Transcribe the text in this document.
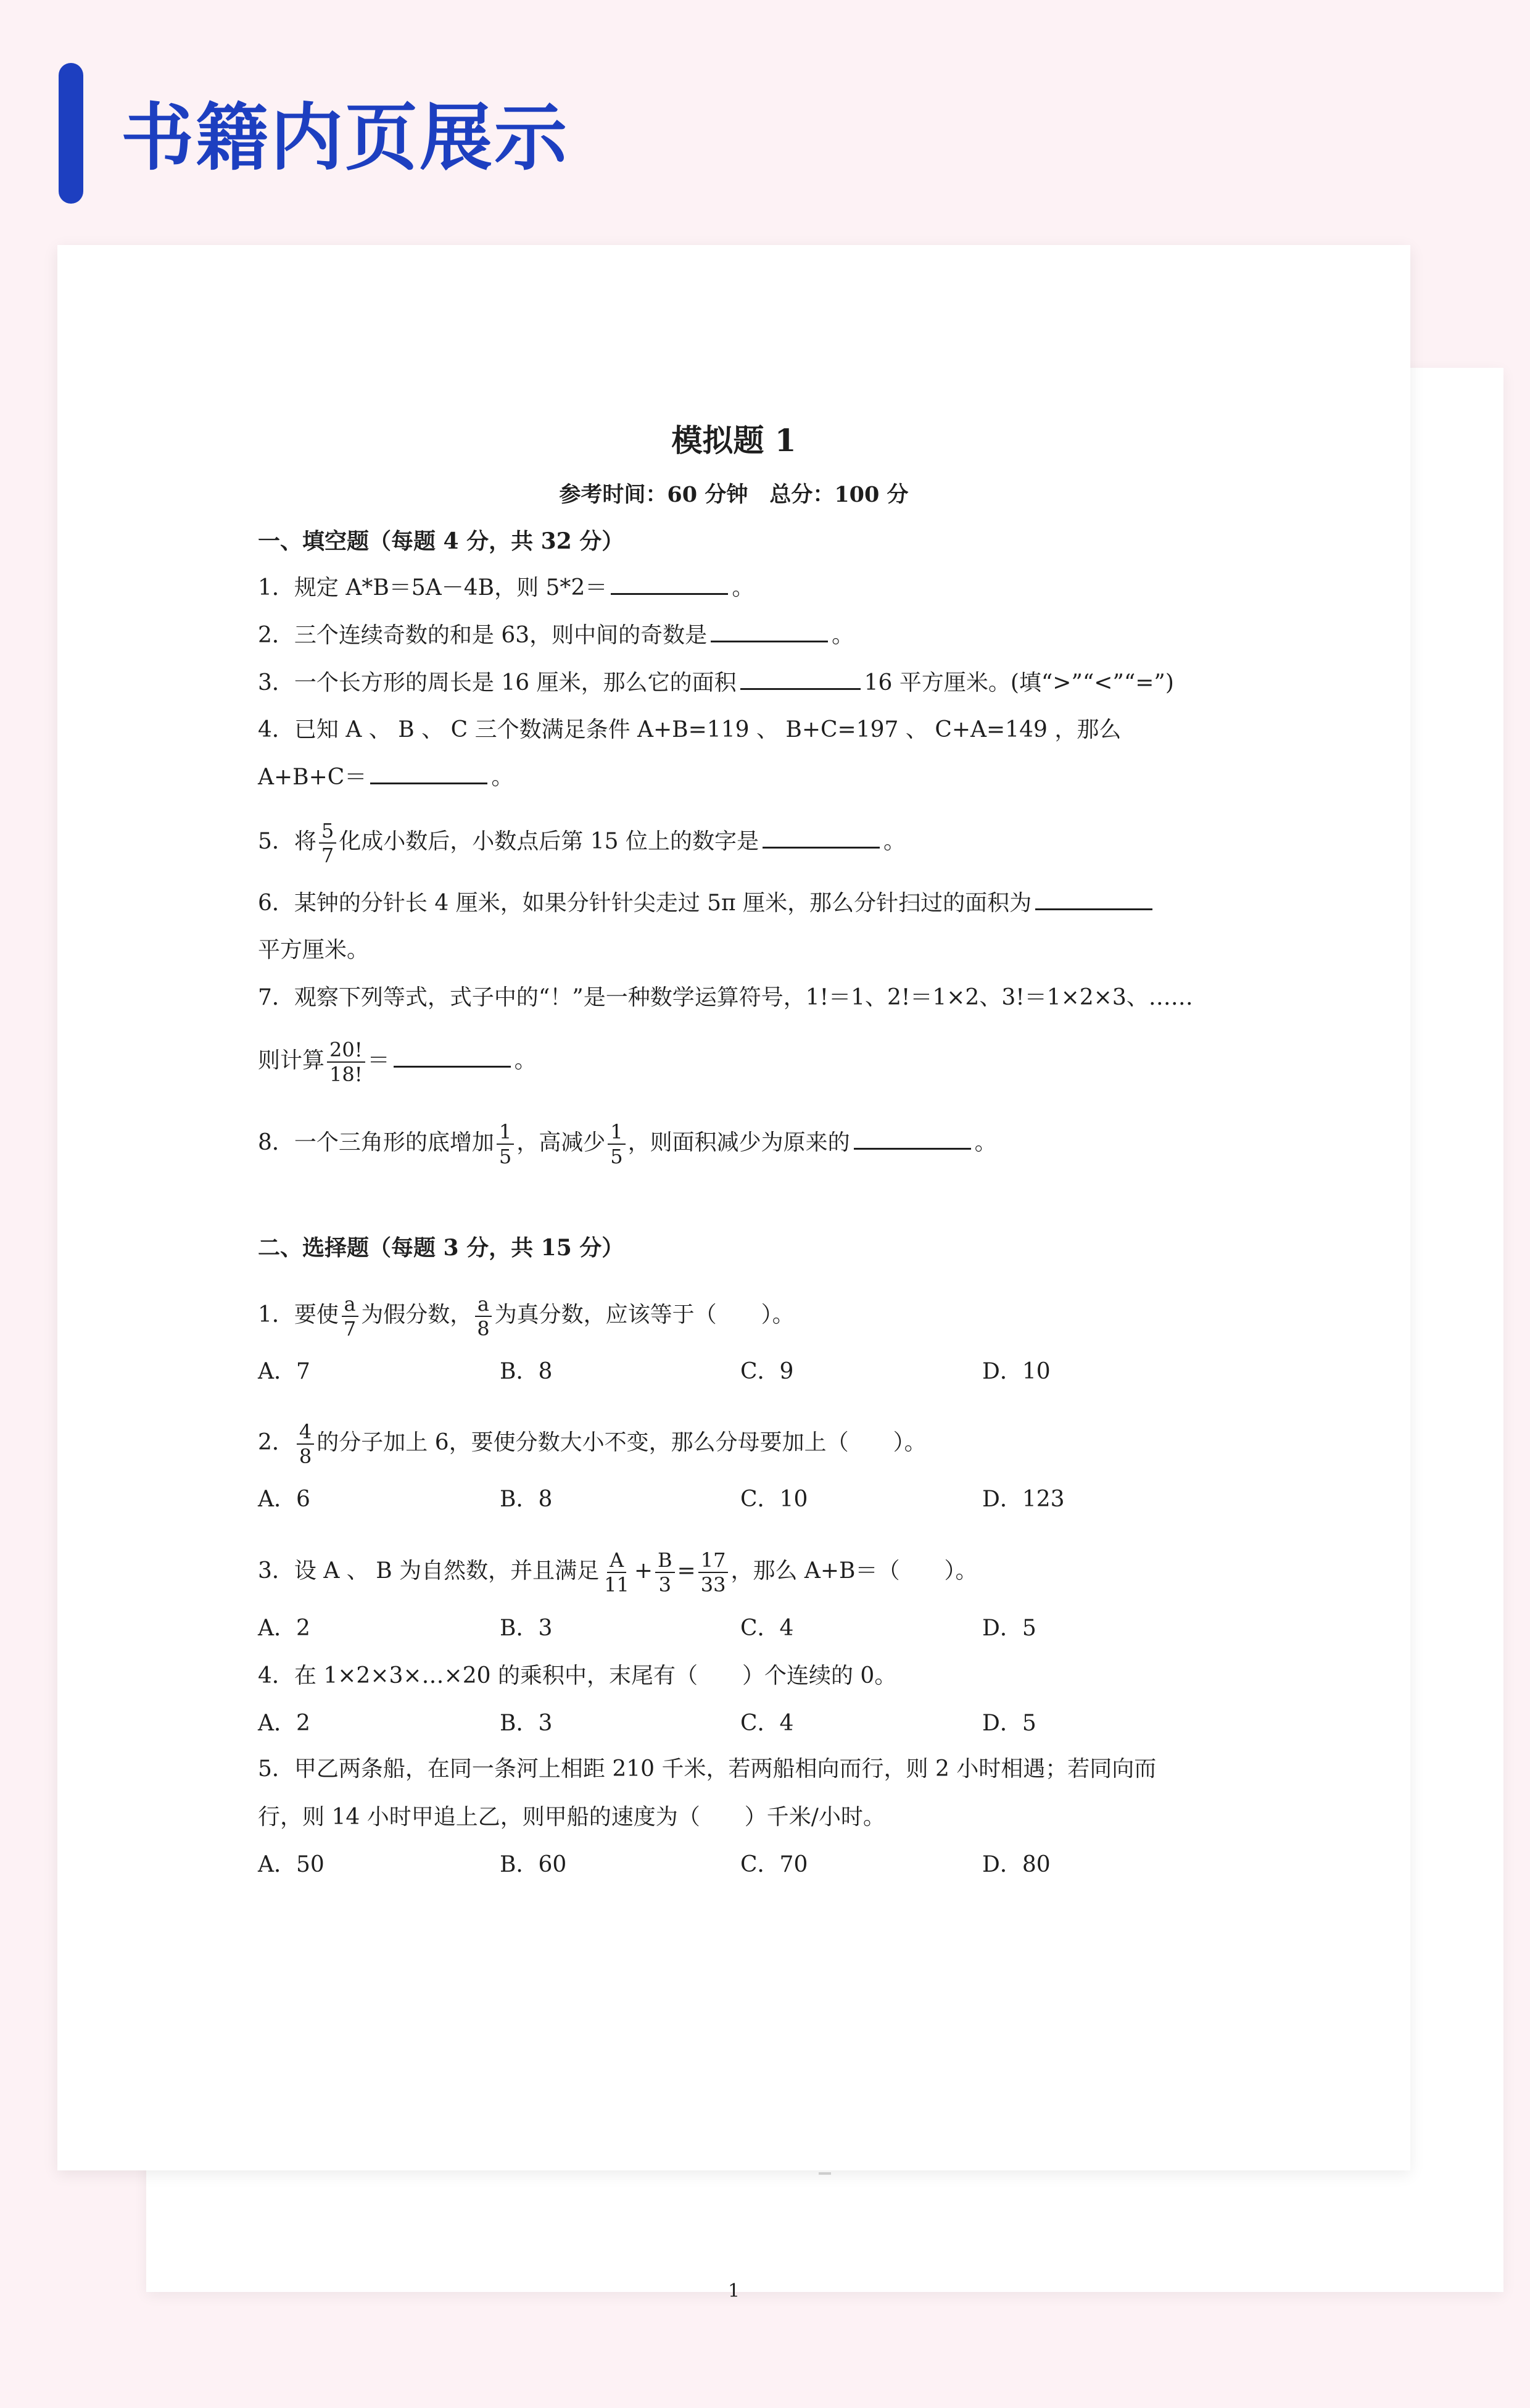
书籍内页展示
模拟题 1
参考时间：60 分钟　总分：100 分
一、填空题（每题 4 分，共 32 分）
1．规定 A*B＝5A－4B，则 5*2＝	。
2．三个连续奇数的和是 63，则中间的奇数是	。
3．一个长方形的周长是 16 厘米，那么它的面积	16 平方厘米。(填“>”“<”“=”)
4．已知 A 、 B 、 C 三个数满足条件 A+B=119 、 B+C=197 、 C+A=149 ，那么
A+B+C＝	。
5．将 $\frac{5}{7}$ 化成小数后，小数点后第 15 位上的数字是	。
6．某钟的分针长 4 厘米，如果分针针尖走过 5π 厘米，那么分针扫过的面积为
平方厘米。
7．观察下列等式，式子中的“！”是一种数学运算符号，1!＝1、2!＝1×2、3!＝1×2×3、……
则计算 $\frac{20!}{18!}$ ＝	。
8．一个三角形的底增加 $\frac{1}{5}$ ，高减少 $\frac{1}{5}$ ，则面积减少为原来的	。
二、选择题（每题 3 分，共 15 分）
1．要使 $\frac{a}{7}$ 为假分数， $\frac{a}{8}$ 为真分数，应该等于（　　）。
A．7	B．8	C．9	D．10
2． $\frac{4}{8}$ 的分子加上 6，要使分数大小不变，那么分母要加上（　　）。
A．6	B．8	C．10	D．123
3．设 A 、 B 为自然数，并且满足 $\frac{A}{11} + \frac{B}{3} = \frac{17}{33}$ ，那么 A+B＝（　　）。
A．2	B．3	C．4	D．5
4．在 1×2×3×…×20 的乘积中，末尾有（　　）个连续的 0。
A．2	B．3	C．4	D．5
5．甲乙两条船，在同一条河上相距 210 千米，若两船相向而行，则 2 小时相遇；若同向而
行，则 14 小时甲追上乙，则甲船的速度为（　　）千米/小时。
A．50	B．60	C．70	D．80
1
